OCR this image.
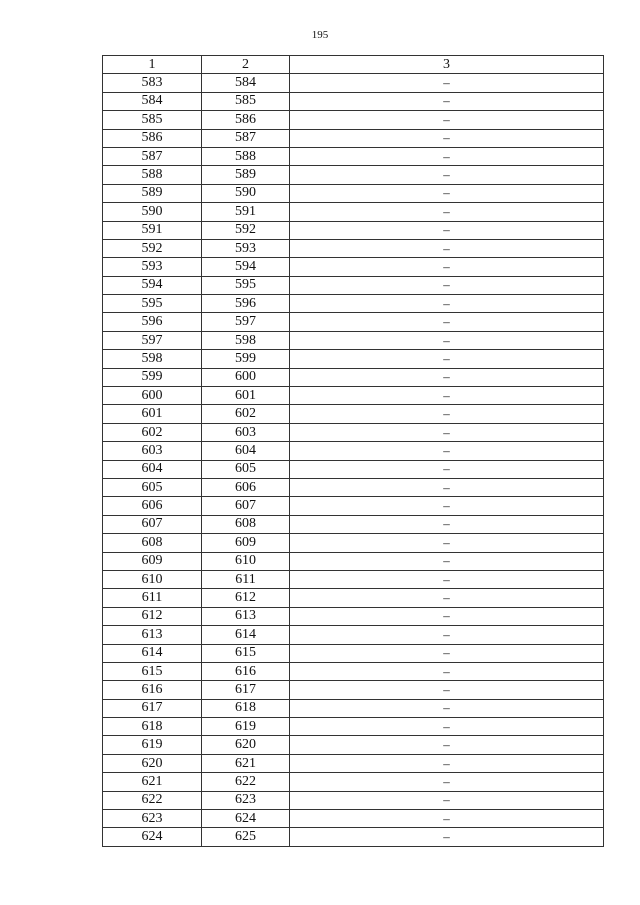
195
1	2	3
583	584	–
584	585	–
585	586	–
586	587	–
587	588	–
588	589	–
589	590	–
590	591	–
591	592	–
592	593	–
593	594	–
594	595	–
595	596	–
596	597	–
597	598	–
598	599	–
599	600	–
600	601	–
601	602	–
602	603	–
603	604	–
604	605	–
605	606	–
606	607	–
607	608	–
608	609	–
609	610	–
610	611	–
611	612	–
612	613	–
613	614	–
614	615	–
615	616	–
616	617	–
617	618	–
618	619	–
619	620	–
620	621	–
621	622	–
622	623	–
623	624	–
624	625	–
